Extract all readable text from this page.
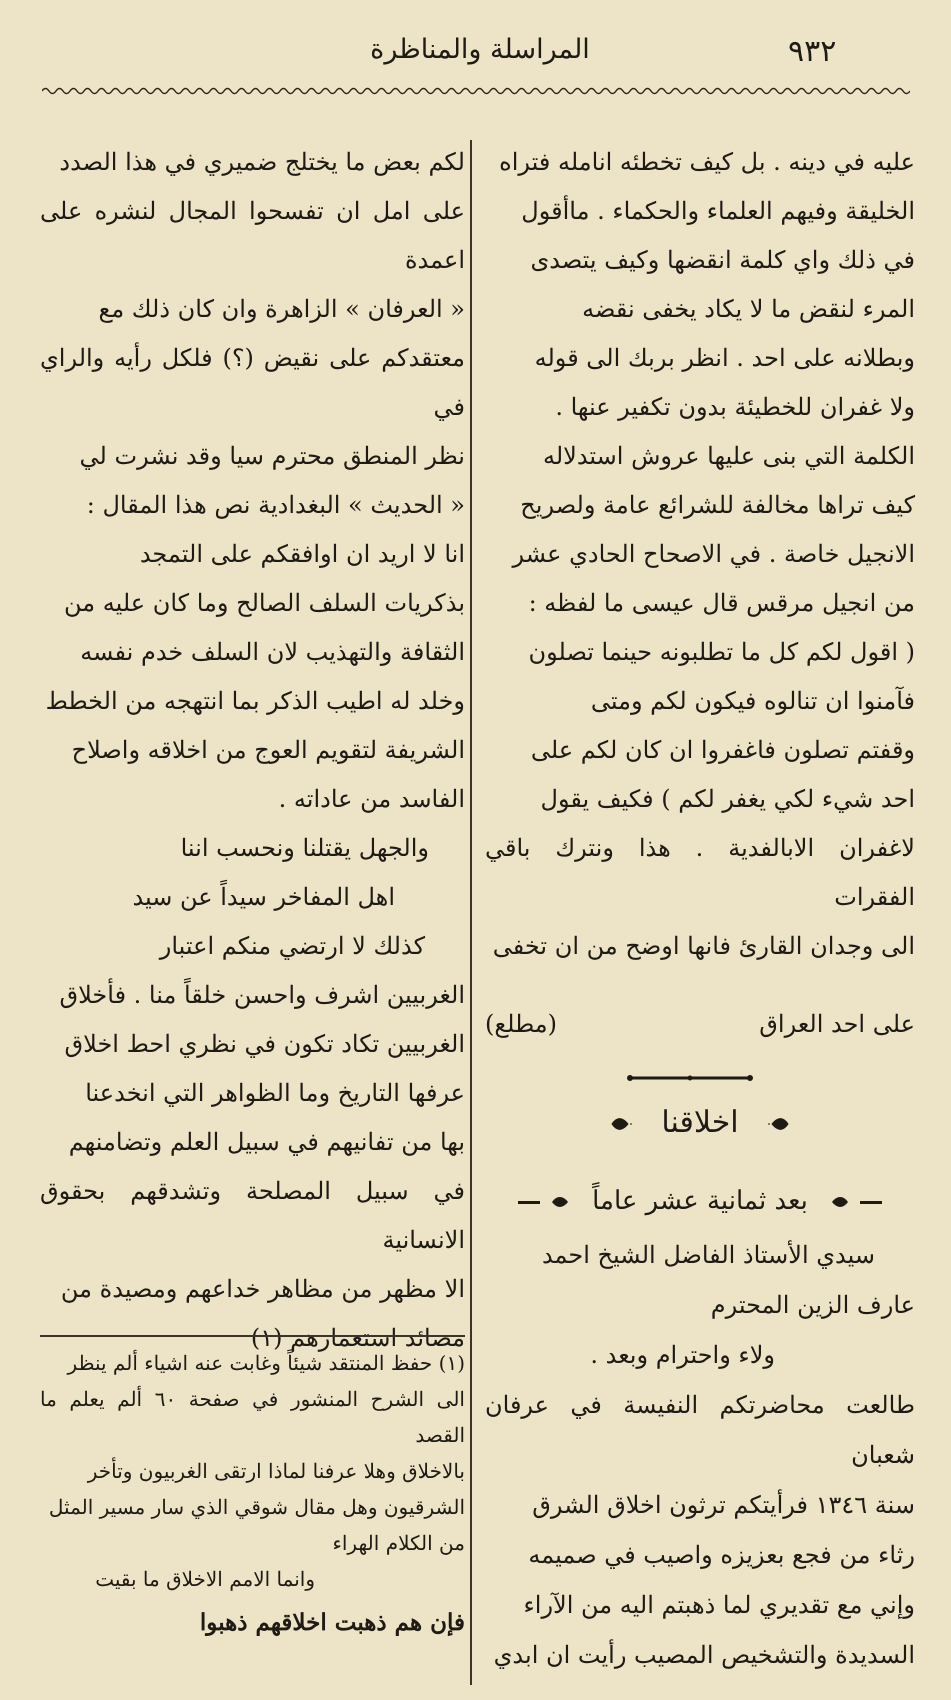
المراسلة والمناظرة	٩٣٢

عليه في دينه . بل كيف تخطئه انامله فتراه

الخليقة وفيهم العلماء والحكماء . ماأقول

في ذلك واي كلمة انقضها وكيف يتصدى

المرء لنقض ما لا يكاد يخفى نقضه

وبطلانه على احد . انظر بربك الى قوله

ولا غفران للخطيئة بدون تكفير عنها .

الكلمة التي بنى عليها عروش استدلاله

كيف تراها مخالفة للشرائع عامة ولصريح

الانجيل خاصة . في الاصحاح الحادي عشر

من انجيل مرقس قال عيسى ما لفظه :

( اقول لكم كل ما تطلبونه حينما تصلون

فآمنوا ان تنالوه فيكون لكم ومتى

وقفتم تصلون فاغفروا ان كان لكم على

احد شيء لكي يغفر لكم ) فكيف يقول

لاغفران الابالفدية . هذا ونترك باقي الفقرات

الى وجدان القارئ فانها اوضح من ان تخفى

على احد العراق
(مطلع)
اخلاقنا
بعد ثمانية عشر عاماً

سيدي الأستاذ الفاضل الشيخ احمد

عارف الزين المحترم

ولاء واحترام وبعد .

طالعت محاضرتكم النفيسة في عرفان شعبان

سنة ١٣٤٦ فرأيتكم ترثون اخلاق الشرق

رثاء من فجع بعزيزه واصيب في صميمه

وإني مع تقديري لما ذهبتم اليه من الآراء

السديدة والتشخيص المصيب رأيت ان ابدي

لكم بعض ما يختلج ضميري في هذا الصدد

على امل ان تفسحوا المجال لنشره على اعمدة

« العرفان » الزاهرة وان كان ذلك مع

معتقدكم على نقيض (؟) فلكل رأيه والراي في

نظر المنطق محترم سيا وقد نشرت لي

« الحديث » البغدادية نص هذا المقال :

انا لا اريد ان اوافقكم على التمجد

بذكريات السلف الصالح وما كان عليه من

الثقافة والتهذيب لان السلف خدم نفسه

وخلد له اطيب الذكر بما انتهجه من الخطط

الشريفة لتقويم العوج من اخلاقه واصلاح

الفاسد من عاداته .

والجهل يقتلنا ونحسب اننا

اهل المفاخر سيداً عن سيد

كذلك لا ارتضي منكم اعتبار

الغربيين اشرف واحسن خلقاً منا . فأخلاق

الغربيين تكاد تكون في نظري احط اخلاق

عرفها التاريخ وما الظواهر التي انخدعنا

بها من تفانيهم في سبيل العلم وتضامنهم

في سبيل المصلحة وتشدقهم بحقوق الانسانية

الا مظهر من مظاهر خداعهم ومصيدة من

مصائد استعمارهم (١)

(١) حفظ المنتقد شيئاً وغابت عنه اشياء ألم ينظر

الى الشرح المنشور في صفحة ٦٠ ألم يعلم ما القصد

بالاخلاق وهلا عرفنا لماذا ارتقى الغربيون وتأخر

الشرقيون وهل مقال شوقي الذي سار مسير المثل

من الكلام الهراء

وانما الامم الاخلاق ما بقيت

فإن هم ذهبت اخلاقهم ذهبوا
